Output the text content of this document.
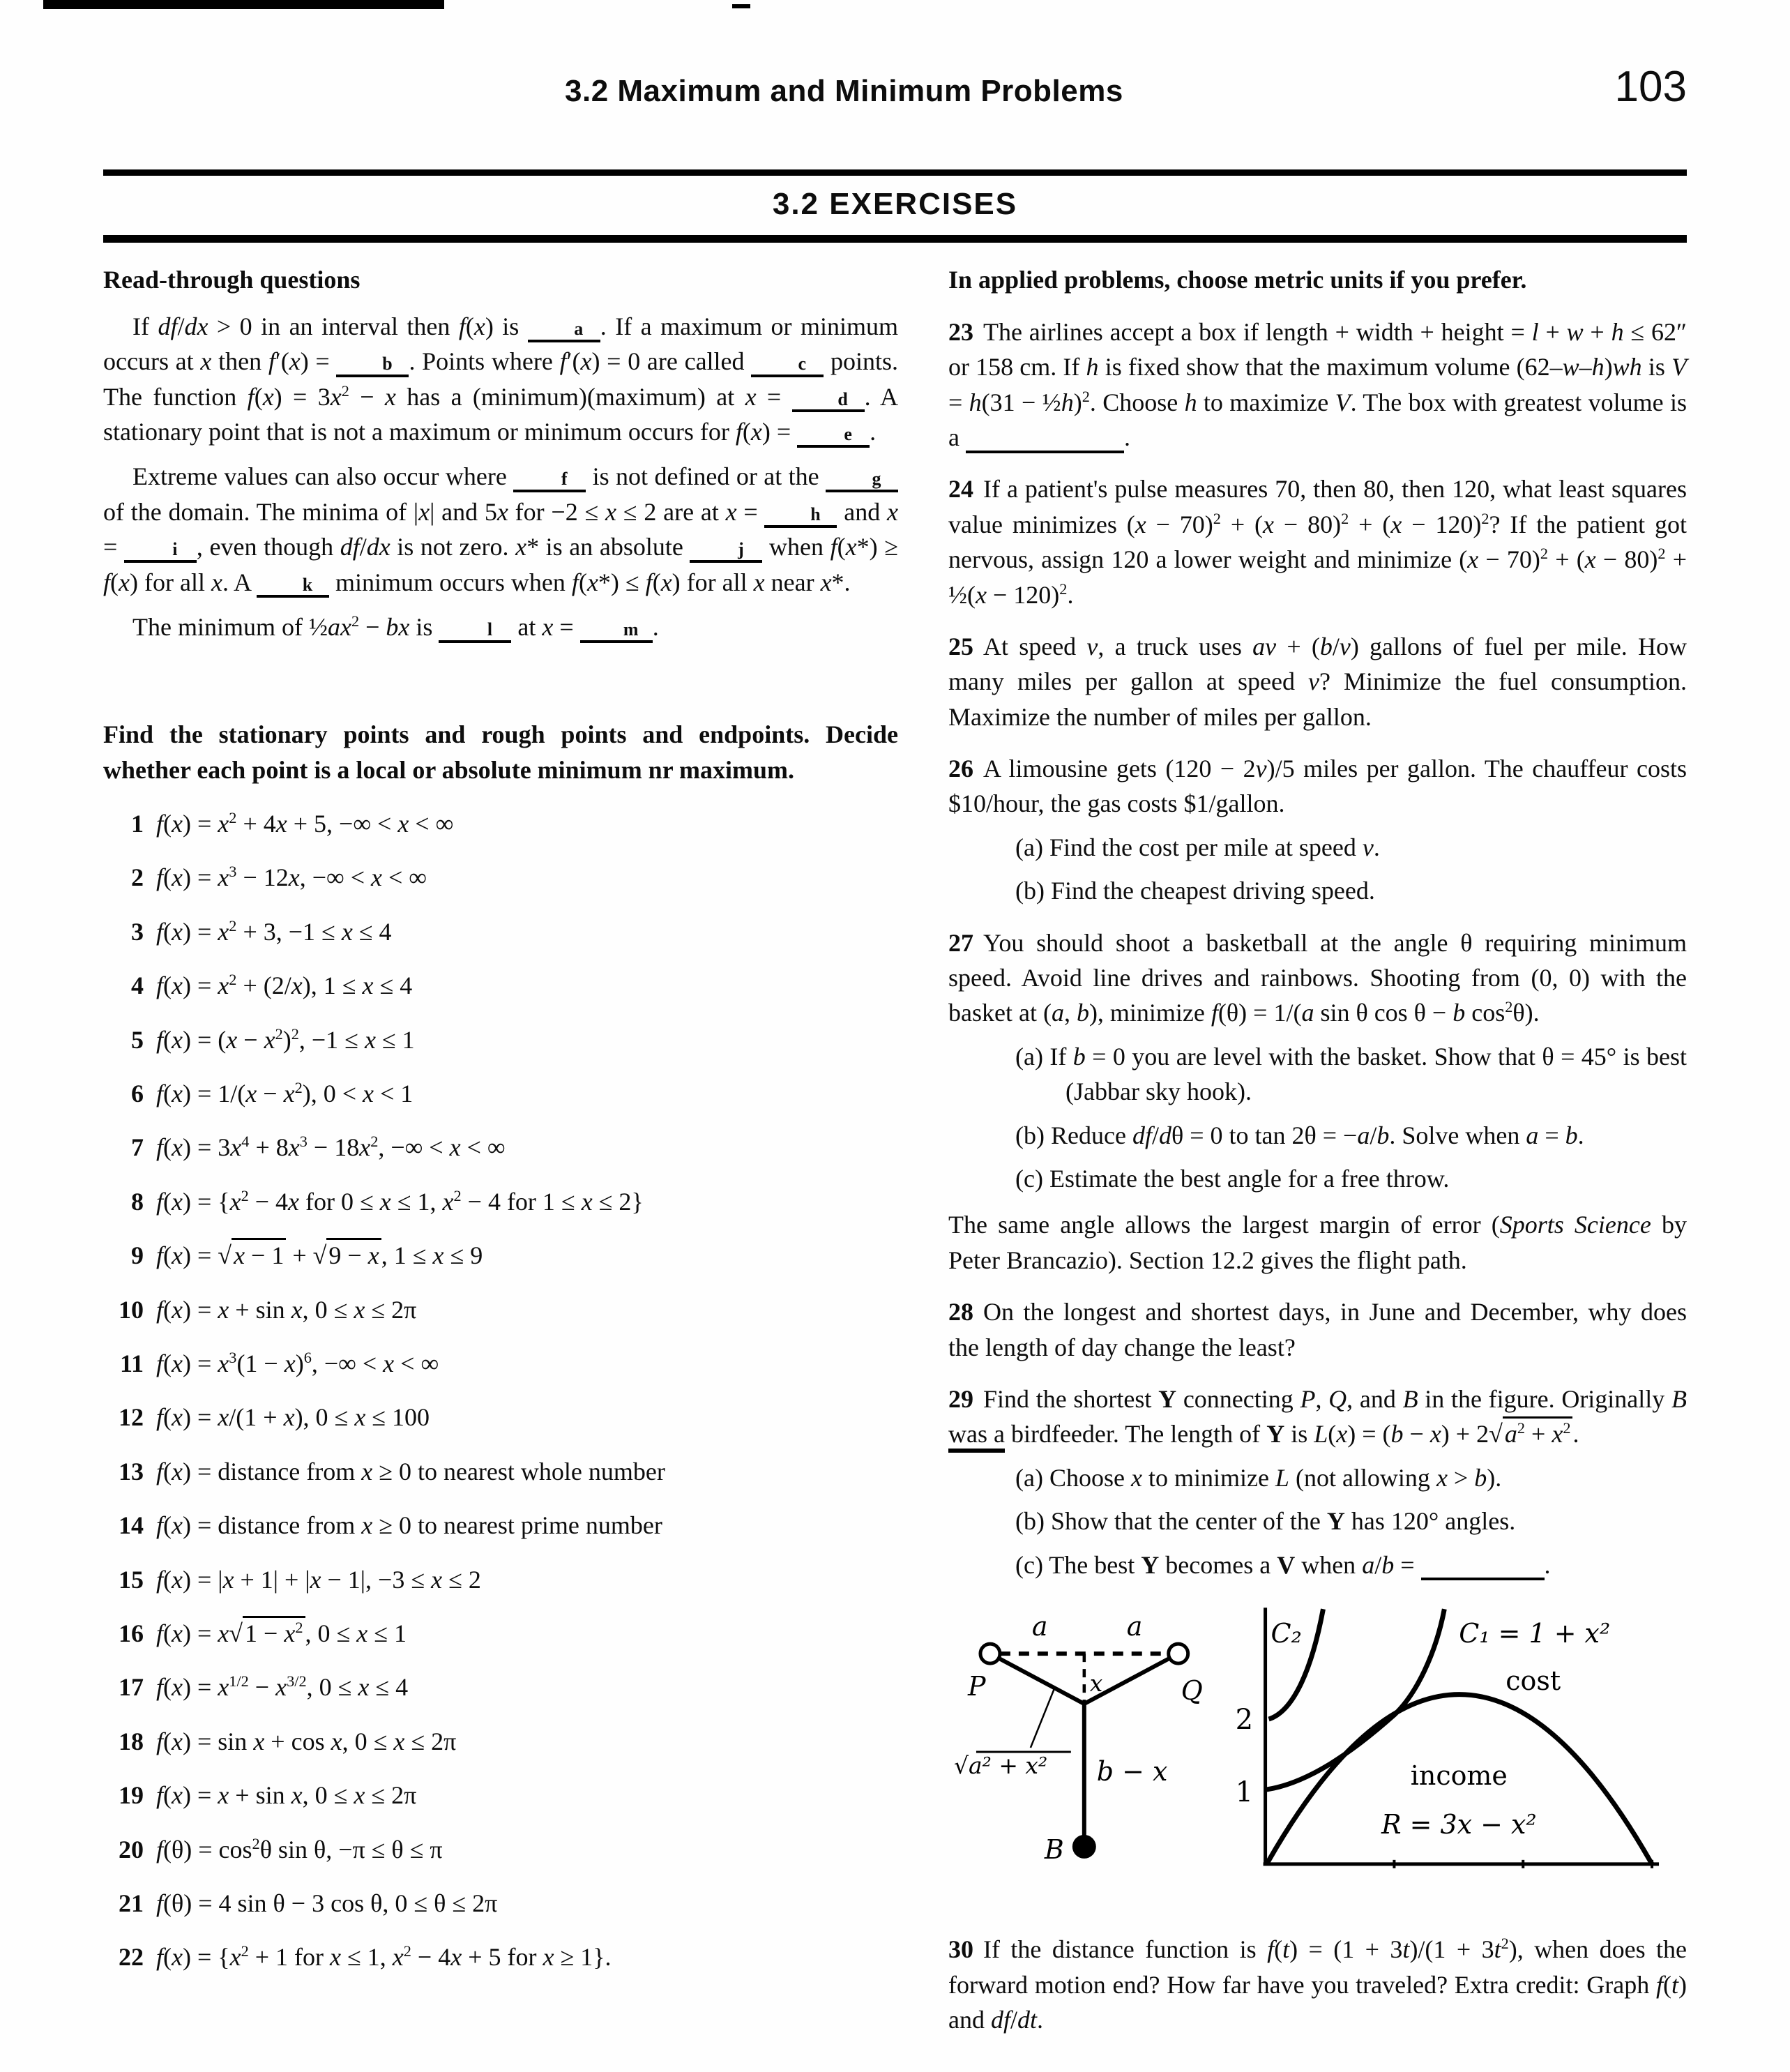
3.2 Maximum and Minimum Problems	103
3.2 EXERCISES
Read-through questions

If df/dx > 0 in an interval then f(x) is	a . If a maximum or minimum occurs at x then f′(x) =	b . Points where f′(x) = 0 are called	c points. The function $f(x) = 3x^2 - x$ has a (minimum)(maximum) at x =	d . A stationary point that is not a maximum or minimum occurs for f(x) =	e .

Extreme values can also occur where	f is not defined or at the	g of the domain. The minima of |x| and 5x for −2 ≤ x ≤ 2 are at x =	h and x =	i , even though df/dx is not zero. x* is an absolute	j when f(x*) ≥ f(x) for all x. A	k minimum occurs when f(x*) ≤ f(x) for all x near x*.

The minimum of $\frac{1}{2}ax^2$ − bx is	l at x = m .

Find the stationary points and rough points and endpoints. Decide whether each point is a local or absolute minimum nr maximum.
1 $f(x) = x^2 + 4x + 5$, −∞ < x < ∞
2 $f(x) = x^3 - 12x$, −∞ < x < ∞
3 $f(x) = x^2 + 3$, −1 ≤ x ≤ 4
4 $f(x) = x^2 + (2/x)$, 1 ≤ x ≤ 4
5 $f(x) = (x - x^2)^2$, −1 ≤ x ≤ 1
6 $f(x) = 1/(x - x^2)$, 0 < x < 1
7 $f(x) = 3x^4 + 8x^3 - 18x^2$, −∞ < x < ∞
8 $f(x) = \{x^2 - 4x$ for 0 ≤ x ≤ 1, $x^2 - 4$ for 1 ≤ x ≤ 2}
9 f(x) = √x − 1 + √9 − x, 1 ≤ x ≤ 9
10 f(x) = x + sin x, 0 ≤ x ≤ 2π
11 $f(x) = x^3(1 - x)^6$, −∞ < x < ∞
12 f(x) = x/(1 + x), 0 ≤ x ≤ 100
13 f(x) = distance from x ≥ 0 to nearest whole number
14 f(x) = distance from x ≥ 0 to nearest prime number
15 f(x) = |x + 1| + |x − 1|, −3 ≤ x ≤ 2
16 $f(x) = x√1 - x^2$, 0 ≤ x ≤ 1
17 $f(x) = x^{1/2} - x^{3/2}$, 0 ≤ x ≤ 4
18 f(x) = sin x + cos x, 0 ≤ x ≤ 2π
19 f(x) = x + sin x, 0 ≤ x ≤ 2π
20 $f(\theta) = \cos^2\theta$ sin θ, −π ≤ θ ≤ π
21 f(θ) = 4 sin θ − 3 cos θ, 0 ≤ θ ≤ 2π
22 $f(x) = \{x^2 + 1$ for x ≤ 1, $x^2 - 4x + 5$ for x ≥ 1}.
In applied problems, choose metric units if you prefer.
23 The airlines accept a box if length + width + height = l + w + h ≤ 62″ or 158 cm. If h is fixed show that the maximum volume (62–w–h)wh is V = h(31 − ½h)$^2$. Choose h to maximize V. The box with greatest volume is a	.
24 If a patient's pulse measures 70, then 80, then 120, what least squares value minimizes $(x - 70)^2 + (x - 80)^2 + (x - 120)^2$? If the patient got nervous, assign 120 a lower weight and minimize $(x - 70)^2 + (x - 80)^2$ + ½(x − 120)$^2$.
25 At speed v, a truck uses av + (b/v) gallons of fuel per mile. How many miles per gallon at speed v? Minimize the fuel consumption. Maximize the number of miles per gallon.
26 A limousine gets (120 − 2v)/5 miles per gallon. The chauffeur costs $10/hour, the gas costs $1/gallon.
(a) Find the cost per mile at speed v.
(b) Find the cheapest driving speed.
27 You should shoot a basketball at the angle θ requiring minimum speed. Avoid line drives and rainbows. Shooting from (0, 0) with the basket at (a, b), minimize f(θ) = 1/(a sin θ cos θ − b $\cos^2\theta$).
(a) If b = 0 you are level with the basket. Show that θ = 45° is best (Jabbar sky hook).
(b) Reduce df/dθ = 0 to tan 2θ = −a/b. Solve when a = b.
(c) Estimate the best angle for a free throw.
The same angle allows the largest margin of error (Sports Science by Peter Brancazio). Section 12.2 gives the flight path.
28 On the longest and shortest days, in June and December, why does the length of day change the least?
29 Find the shortest Y connecting P, Q, and B in the figure. Originally B was a birdfeeder. The length of Y is $L(x) = (b - x) + 2√a^2 + x^2$.
(a) Choose x to minimize L (not allowing x > b).
(b) Show that the center of the Y has 120° angles.
(c) The best Y becomes a V when a/b =	.
a	a
P	Q
x
√a² + x² b − x
B
2
1
C₂	C₁ = 1 + x²
cost
income
R = 3x − x²
30 If the distance function is $f(t) = (1 + 3t)/(1 + 3t^2)$, when does the forward motion end? How far have you traveled? Extra credit: Graph f(t) and df/dt.
